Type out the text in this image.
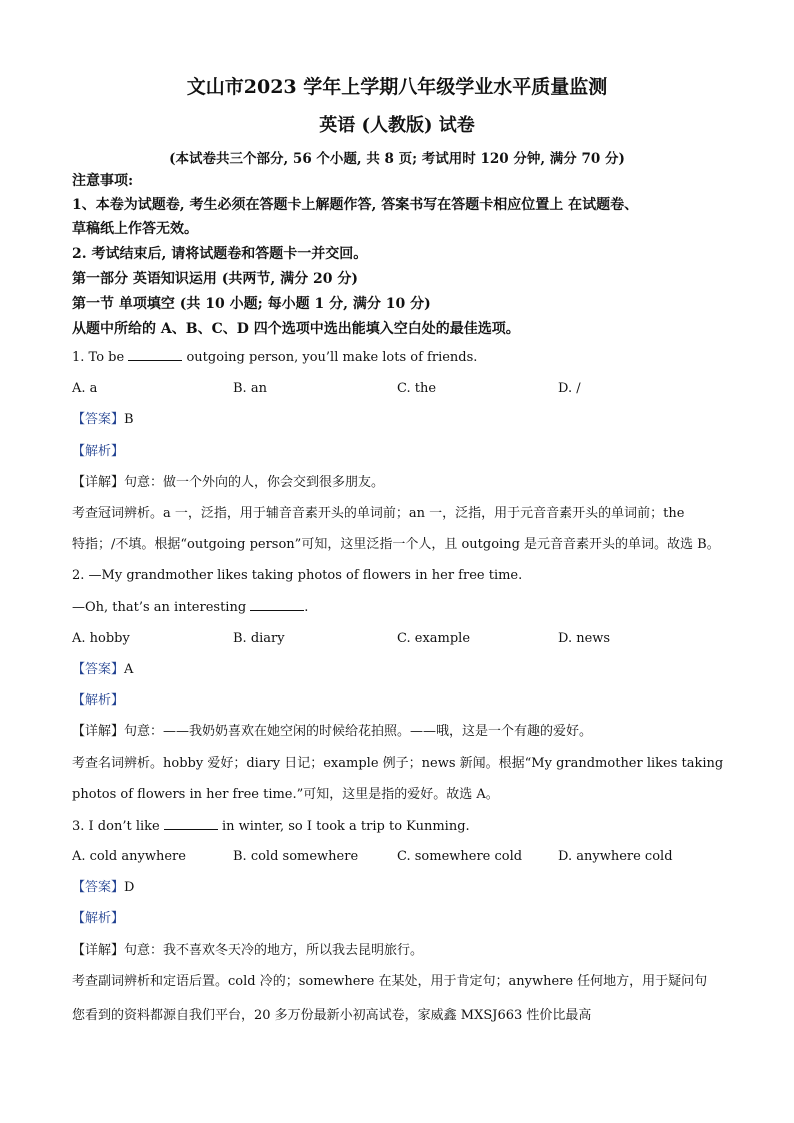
文山市2023 学年上学期八年级学业水平质量监测
英语 (人教版) 试卷
(本试卷共三个部分, 56 个小题, 共 8 页; 考试用时 120 分钟, 满分 70 分)
注意事项:
1、本卷为试题卷, 考生必须在答题卡上解题作答, 答案书写在答题卡相应位置上 在试题卷、
草稿纸上作答无效。
2. 考试结束后, 请将试题卷和答题卡一并交回。
第一部分 英语知识运用 (共两节, 满分 20 分)
第一节 单项填空 (共 10 小题; 每小题 1 分, 满分 10 分)
从题中所给的 A、B、C、D 四个选项中选出能填入空白处的最佳选项。
1. To be	outgoing person, you’ll make lots of friends.
A. a	B. an	C. the	D. /
【答案】B
【解析】
【详解】句意：做一个外向的人，你会交到很多朋友。
考查冠词辨析。a 一，泛指，用于辅音音素开头的单词前；an 一，泛指，用于元音音素开头的单词前；the
特指；/不填。根据“outgoing person”可知，这里泛指一个人，且 outgoing 是元音音素开头的单词。故选 B。
2. —My grandmother likes taking photos of flowers in her free time.
—Oh, that’s an interesting	.
A. hobby	B. diary	C. example	D. news
【答案】A
【解析】
【详解】句意：——我奶奶喜欢在她空闲的时候给花拍照。——哦，这是一个有趣的爱好。
考查名词辨析。hobby 爱好；diary 日记；example 例子；news 新闻。根据“My grandmother likes taking
photos of flowers in her free time.”可知，这里是指的爱好。故选 A。
3. I don’t like	in winter, so I took a trip to Kunming.
A. cold anywhere	B. cold somewhere	C. somewhere cold	D. anywhere cold
【答案】D
【解析】
【详解】句意：我不喜欢冬天冷的地方，所以我去昆明旅行。
考查副词辨析和定语后置。cold 冷的；somewhere 在某处，用于肯定句；anywhere 任何地方，用于疑问句
您看到的资料都源自我们平台，20 多万份最新小初高试卷，家威鑫 MXSJ663 性价比最高
